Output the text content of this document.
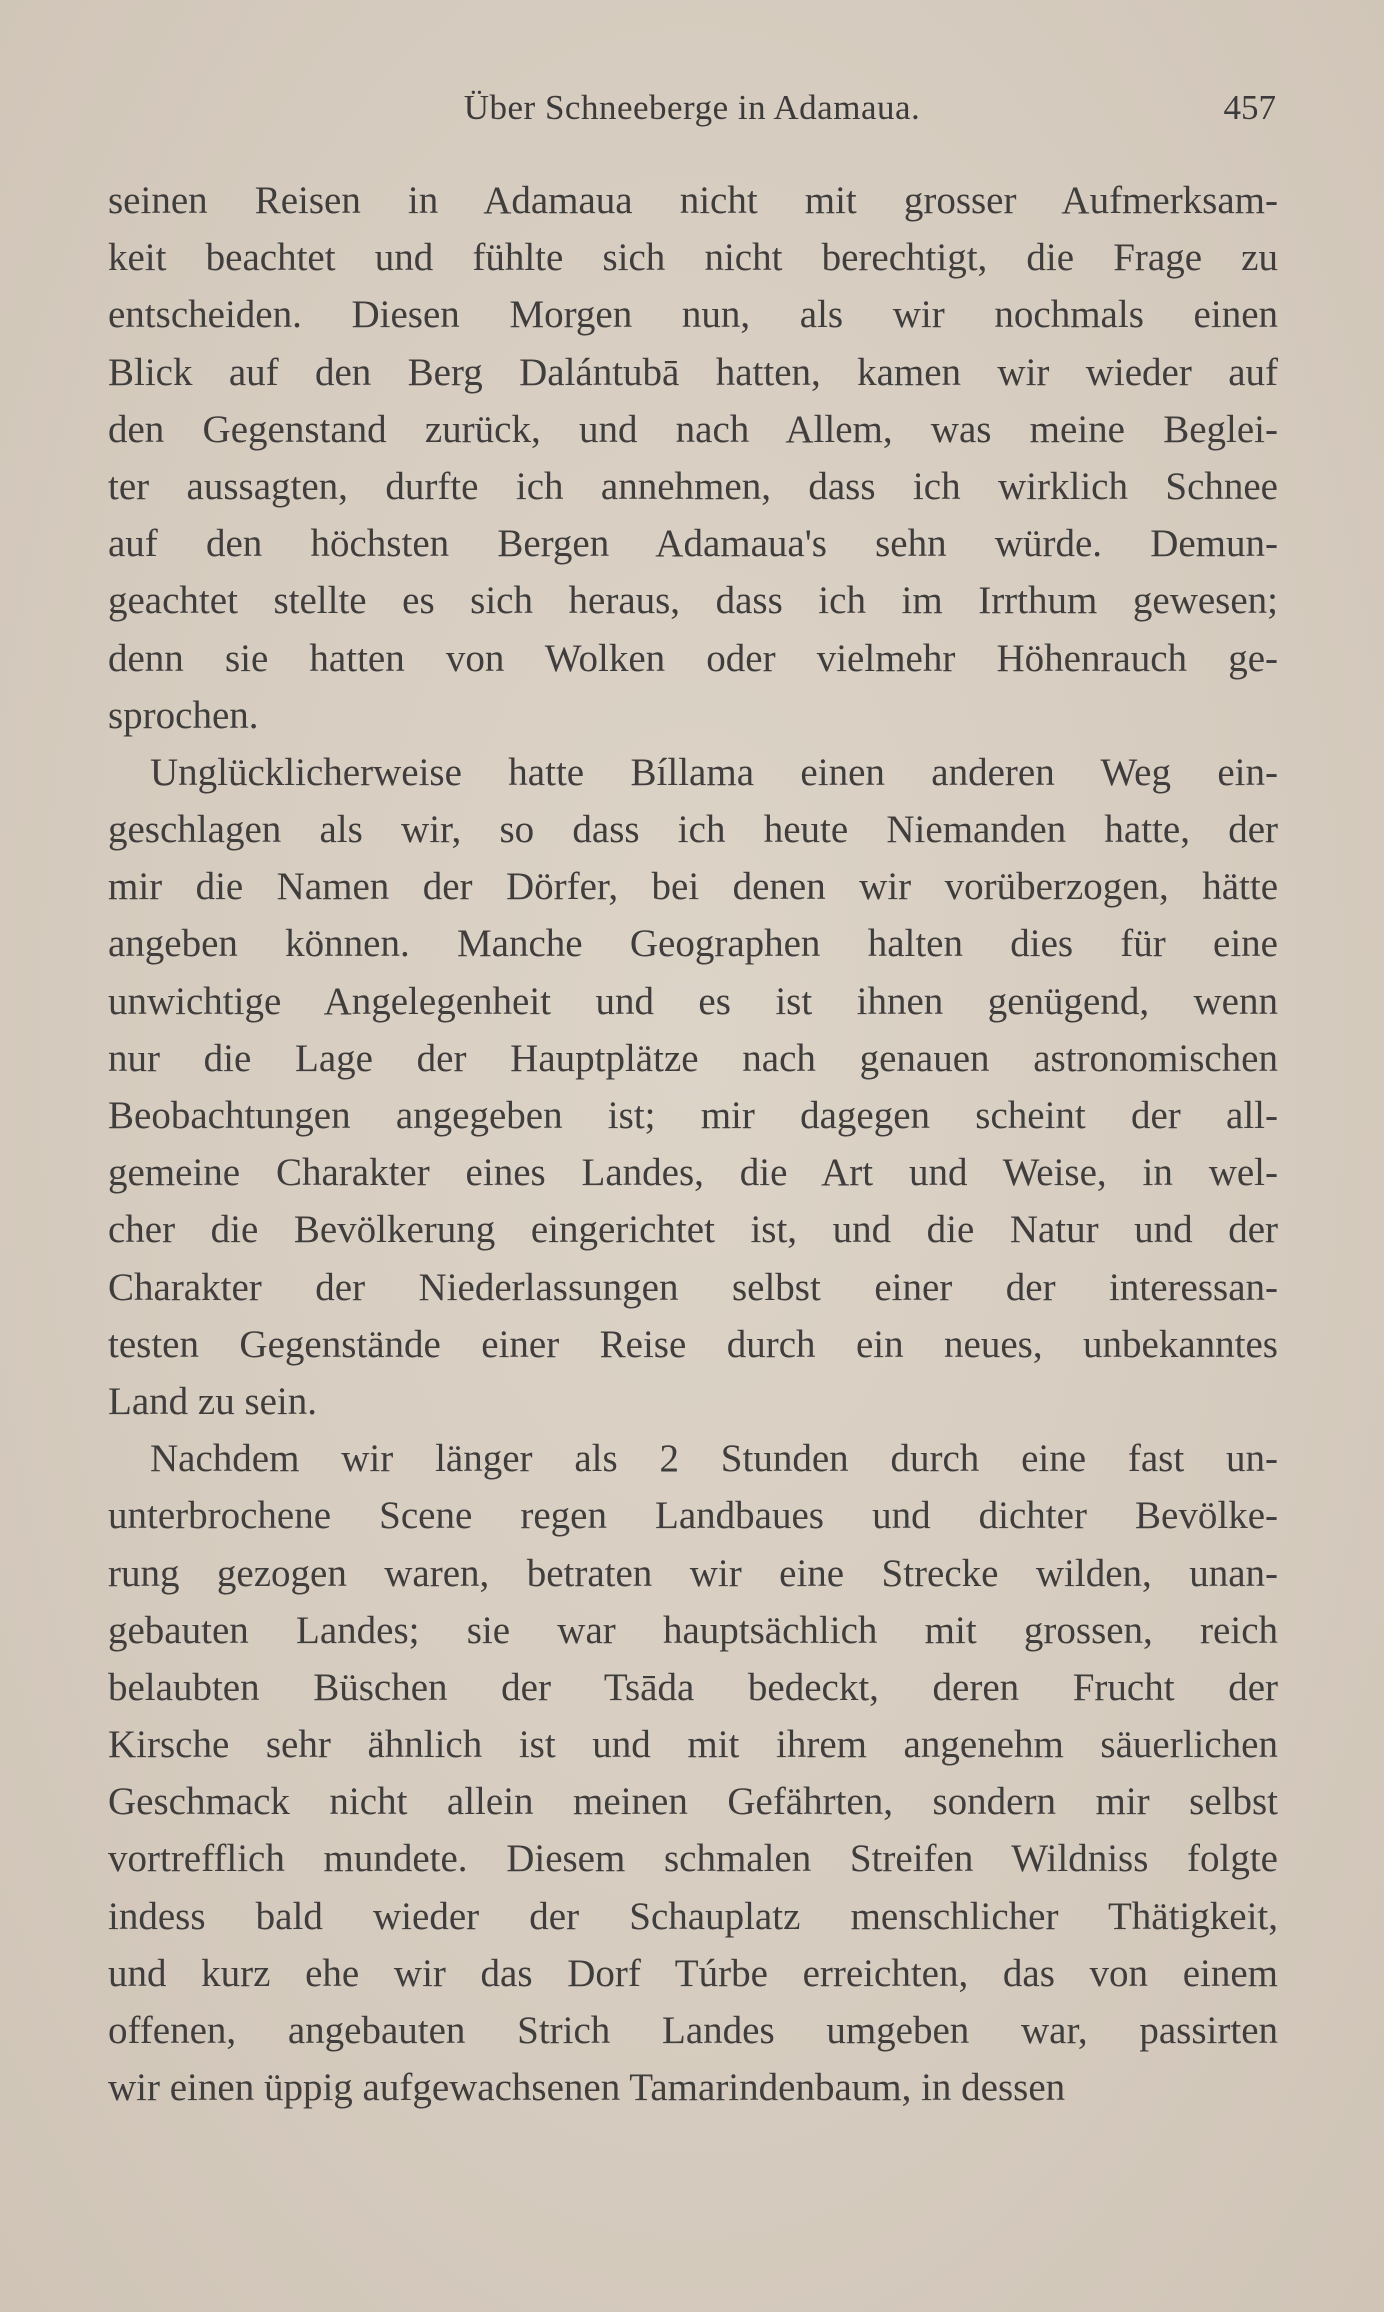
Über Schneeberge in Adamaua.	457
seinen Reisen in Adamaua nicht mit grosser Aufmerksam-
keit beachtet und fühlte sich nicht berechtigt, die Frage zu
entscheiden. Diesen Morgen nun, als wir nochmals einen
Blick auf den Berg Dalántubā hatten, kamen wir wieder auf
den Gegenstand zurück, und nach Allem, was meine Beglei-
ter aussagten, durfte ich annehmen, dass ich wirklich Schnee
auf den höchsten Bergen Adamaua's sehn würde. Demun-
geachtet stellte es sich heraus, dass ich im Irrthum gewesen;
denn sie hatten von Wolken oder vielmehr Höhenrauch ge-
sprochen.
Unglücklicherweise hatte Bíllama einen anderen Weg ein-
geschlagen als wir, so dass ich heute Niemanden hatte, der
mir die Namen der Dörfer, bei denen wir vorüberzogen, hätte
angeben können. Manche Geographen halten dies für eine
unwichtige Angelegenheit und es ist ihnen genügend, wenn
nur die Lage der Hauptplätze nach genauen astronomischen
Beobachtungen angegeben ist; mir dagegen scheint der all-
gemeine Charakter eines Landes, die Art und Weise, in wel-
cher die Bevölkerung eingerichtet ist, und die Natur und der
Charakter der Niederlassungen selbst einer der interessan-
testen Gegenstände einer Reise durch ein neues, unbekanntes
Land zu sein.
Nachdem wir länger als 2 Stunden durch eine fast un-
unterbrochene Scene regen Landbaues und dichter Bevölke-
rung gezogen waren, betraten wir eine Strecke wilden, unan-
gebauten Landes; sie war hauptsächlich mit grossen, reich
belaubten Büschen der Tsāda bedeckt, deren Frucht der
Kirsche sehr ähnlich ist und mit ihrem angenehm säuerlichen
Geschmack nicht allein meinen Gefährten, sondern mir selbst
vortrefflich mundete. Diesem schmalen Streifen Wildniss folgte
indess bald wieder der Schauplatz menschlicher Thätigkeit,
und kurz ehe wir das Dorf Túrbe erreichten, das von einem
offenen, angebauten Strich Landes umgeben war, passirten
wir einen üppig aufgewachsenen Tamarindenbaum, in dessen
